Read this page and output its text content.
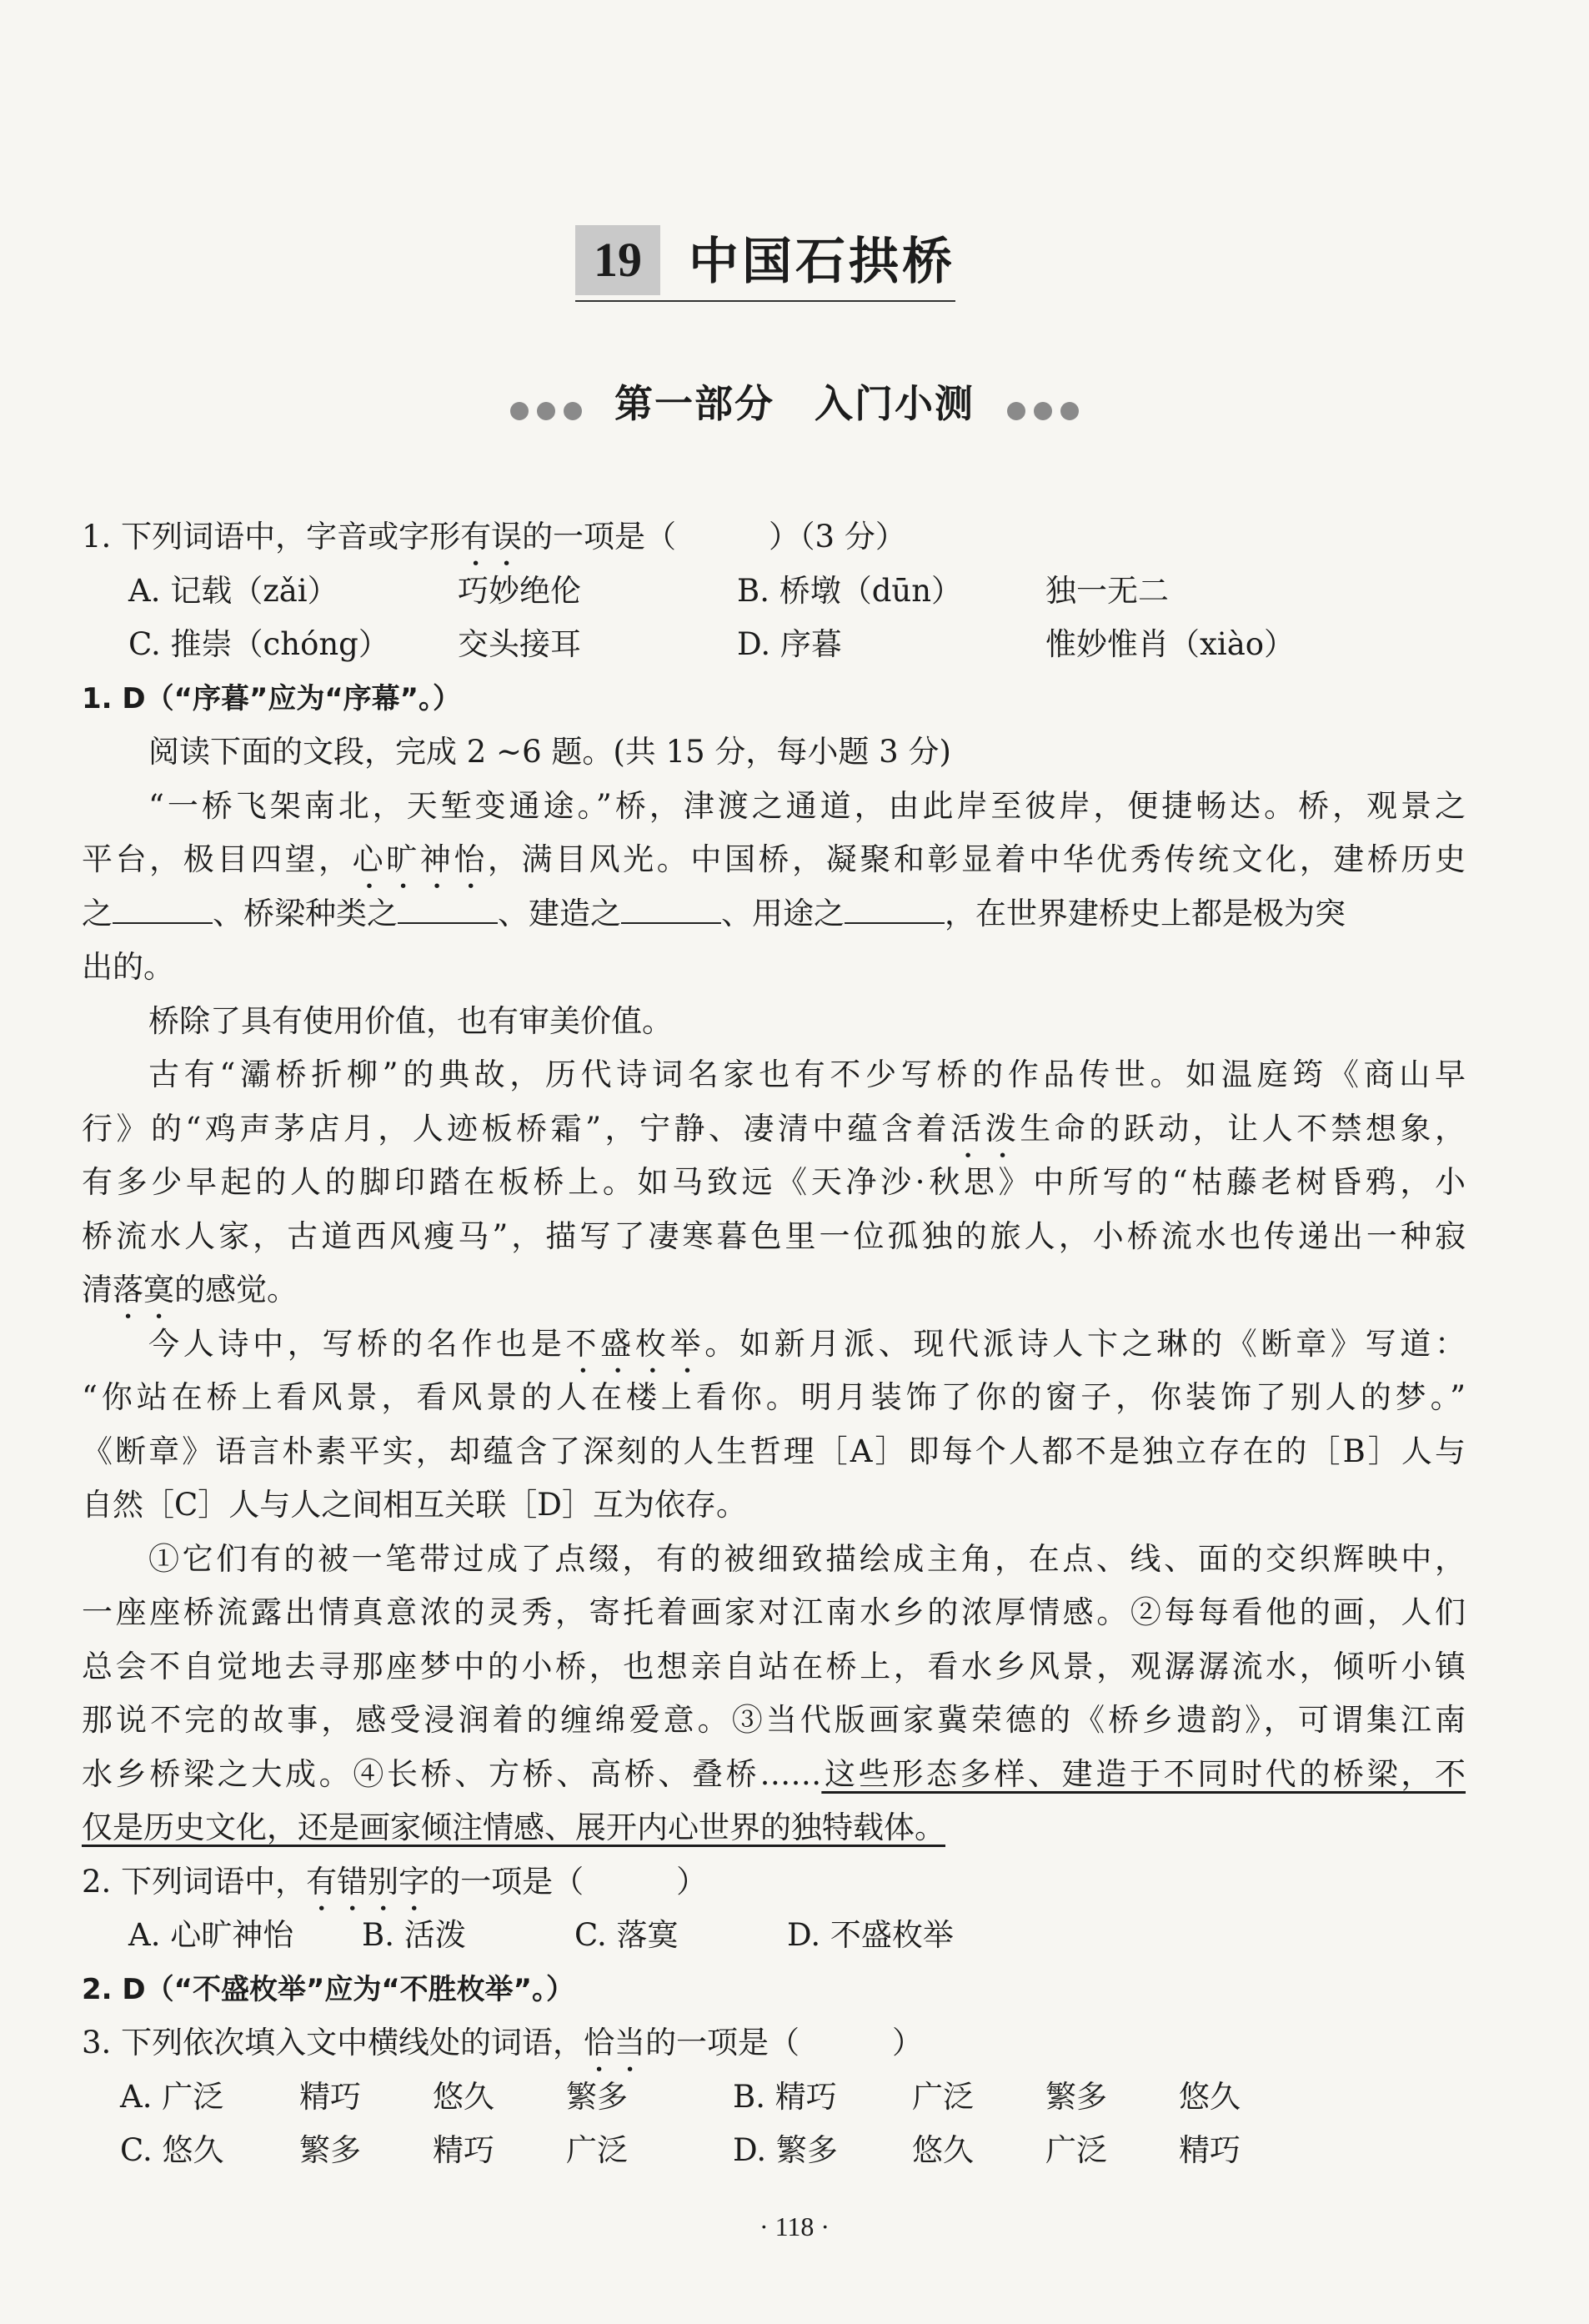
19 中国石拱桥
第一部分　入门小测
1. 下列词语中，字音或字形有误的一项是（　　　）（3 分）
A. 记载（zǎi）	巧妙绝伦	B. 桥墩（dūn）	独一无二
C. 推崇（chóng） 交头接耳	D. 序暮	惟妙惟肖（xiào）
1. D（“序暮”应为“序幕”。）
阅读下面的文段，完成 2 ~6 题。(共 15 分，每小题 3 分)
“一桥飞架南北，天堑变通途。”桥，津渡之通道，由此岸至彼岸，便捷畅达。桥，观景之
平台，极目四望，心旷神怡，满目风光。中国桥，凝聚和彰显着中华优秀传统文化，建桥历史
之	、桥梁种类之	、建造之	、用途之	，在世界建桥史上都是极为突
出的。
桥除了具有使用价值，也有审美价值。
古有“灞桥折柳”的典故，历代诗词名家也有不少写桥的作品传世。如温庭筠《商山早
行》的“鸡声茅店月，人迹板桥霜”，宁静、凄清中蕴含着活泼生命的跃动，让人不禁想象，
有多少早起的人的脚印踏在板桥上。如马致远《天净沙·秋思》中所写的“枯藤老树昏鸦，小
桥流水人家，古道西风瘦马”，描写了凄寒暮色里一位孤独的旅人，小桥流水也传递出一种寂
清落寞的感觉。
今人诗中，写桥的名作也是不盛枚举。如新月派、现代派诗人卞之琳的《断章》写道：
“你站在桥上看风景，看风景的人在楼上看你。明月装饰了你的窗子，你装饰了别人的梦。”
《断章》语言朴素平实，却蕴含了深刻的人生哲理［A］即每个人都不是独立存在的［B］人与
自然［C］人与人之间相互关联［D］互为依存。
①它们有的被一笔带过成了点缀，有的被细致描绘成主角，在点、线、面的交织辉映中，
一座座桥流露出情真意浓的灵秀，寄托着画家对江南水乡的浓厚情感。②每每看他的画，人们
总会不自觉地去寻那座梦中的小桥，也想亲自站在桥上，看水乡风景，观潺潺流水，倾听小镇
那说不完的故事，感受浸润着的缠绵爱意。③当代版画家冀荣德的《桥乡遗韵》，可谓集江南
水乡桥梁之大成。④长桥、方桥、高桥、叠桥……这些形态多样、建造于不同时代的桥梁，不
仅是历史文化，还是画家倾注情感、展开内心世界的独特载体。
2. 下列词语中，有错别字的一项是（　　　）
A. 心旷神怡 B. 活泼	C. 落寞	D. 不盛枚举
2. D（“不盛枚举”应为“不胜枚举”。）
3. 下列依次填入文中横线处的词语，恰当的一项是（　　　）
A. 广泛 精巧 悠久 繁多	B. 精巧 广泛 繁多 悠久
C. 悠久 繁多 精巧 广泛	D. 繁多 悠久 广泛 精巧
· 118 ·
